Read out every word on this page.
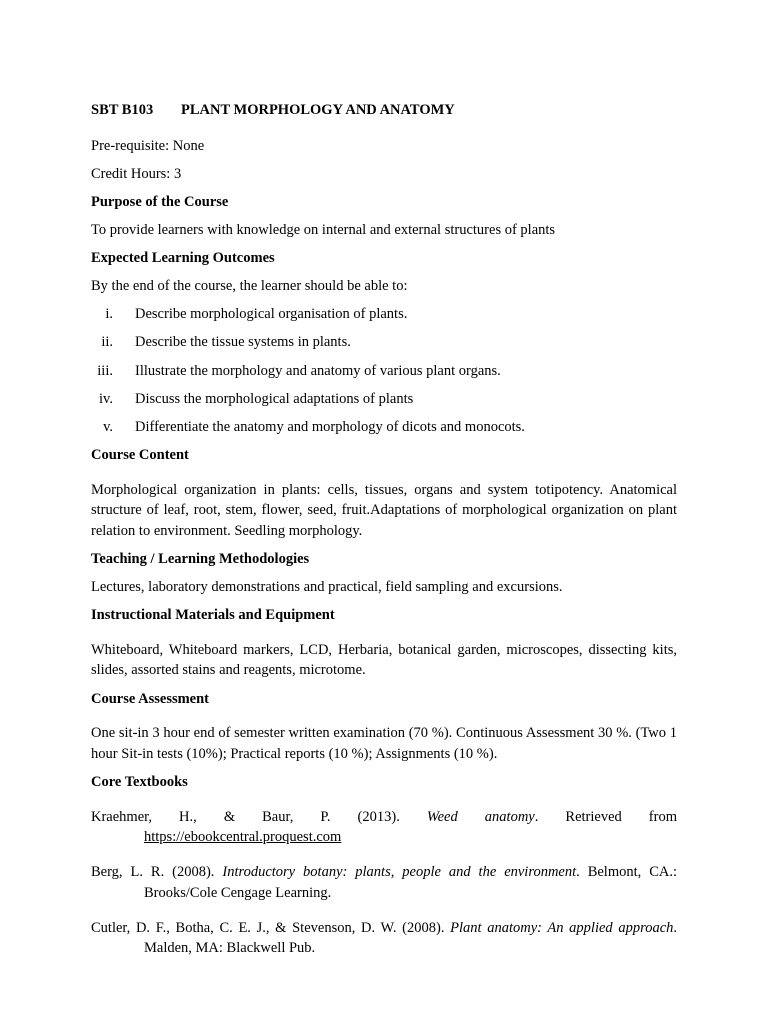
SBT B103	PLANT MORPHOLOGY AND ANATOMY

Pre-requisite: None

Credit Hours: 3

Purpose of the Course

To provide learners with knowledge on internal and external structures of plants

Expected Learning Outcomes

By the end of the course, the learner should be able to:

i.	Describe morphological organisation of plants.
ii.	Describe the tissue systems in plants.
iii.	Illustrate the morphology and anatomy of various plant organs.
iv.	Discuss the morphological adaptations of plants
v.	Differentiate the anatomy and morphology of dicots and monocots.

Course Content

Morphological organization in plants: cells, tissues, organs and system totipotency. Anatomical structure of leaf, root, stem, flower, seed, fruit.Adaptations of morphological organization on plant relation to environment. Seedling morphology.

Teaching / Learning Methodologies

Lectures, laboratory demonstrations and practical, field sampling and excursions.

Instructional Materials and Equipment

Whiteboard, Whiteboard markers, LCD, Herbaria, botanical garden, microscopes, dissecting kits, slides, assorted stains and reagents, microtome.

Course Assessment

One sit-in 3 hour end of semester written examination (70 %). Continuous Assessment 30 %. (Two 1 hour Sit-in tests (10%); Practical reports (10 %); Assignments (10 %).

Core Textbooks

Kraehmer, H., & Baur, P. (2013). Weed anatomy. Retrieved from
https://ebookcentral.proquest.com

Berg, L. R. (2008). Introductory botany: plants, people and the environment. Belmont, CA.: Brooks/Cole Cengage Learning.

Cutler, D. F., Botha, C. E. J., & Stevenson, D. W. (2008). Plant anatomy: An applied approach. Malden, MA: Blackwell Pub.
